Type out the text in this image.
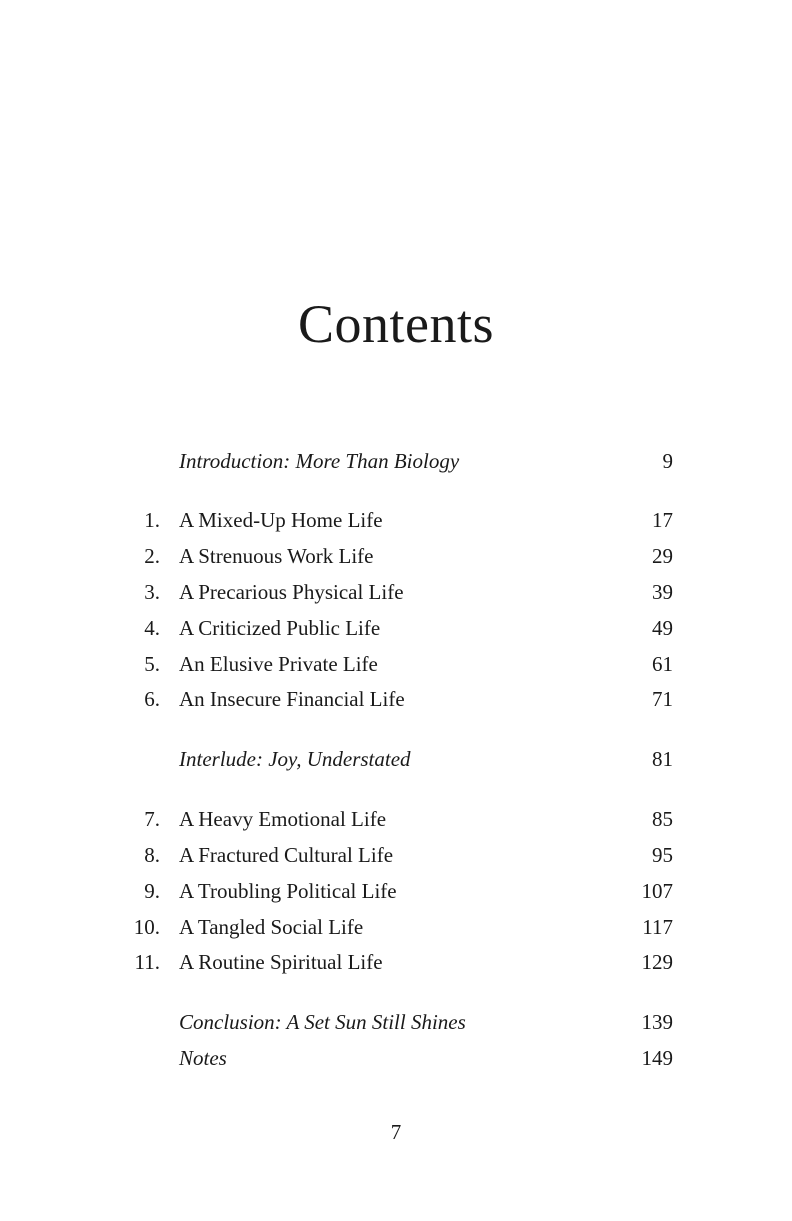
Contents
Introduction: More Than Biology	9
1. A Mixed-Up Home Life	17
2. A Strenuous Work Life	29
3. A Precarious Physical Life	39
4. A Criticized Public Life	49
5. An Elusive Private Life	61
6. An Insecure Financial Life	71
Interlude: Joy, Understated	81
7. A Heavy Emotional Life	85
8. A Fractured Cultural Life	95
9. A Troubling Political Life	107
10. A Tangled Social Life	117
11. A Routine Spiritual Life	129
Conclusion: A Set Sun Still Shines	139
Notes	149
7
